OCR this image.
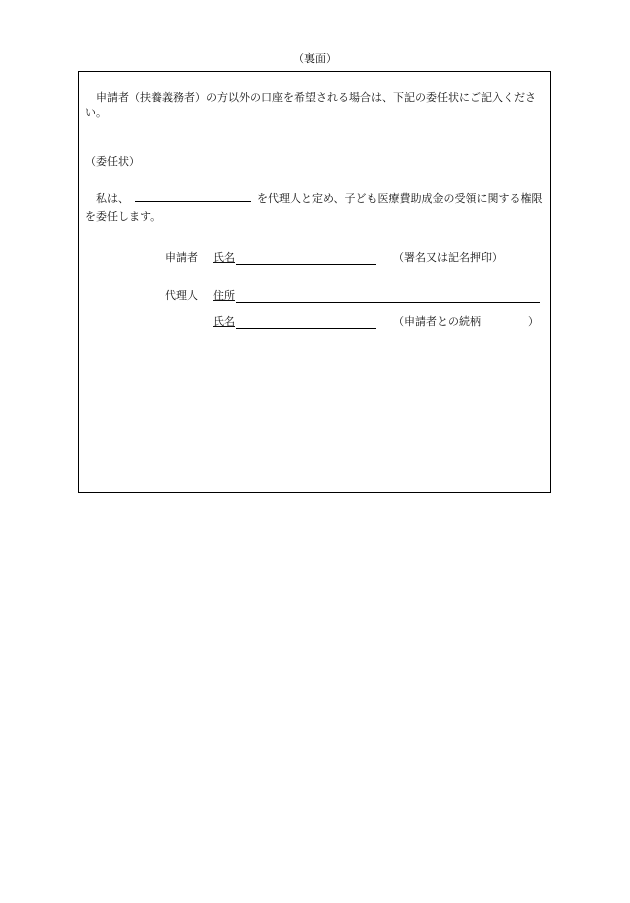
（裏面）
申請者（扶養義務者）の方以外の口座を希望される場合は、下記の委任状にご記入ください。
（委任状）
私は、	を代理人と定め、子ども医療費助成金の受領に関する権限を委任します。
申請者 氏名	（署名又は記名押印）
代理人 住所
氏名	（申請者との続柄	）
